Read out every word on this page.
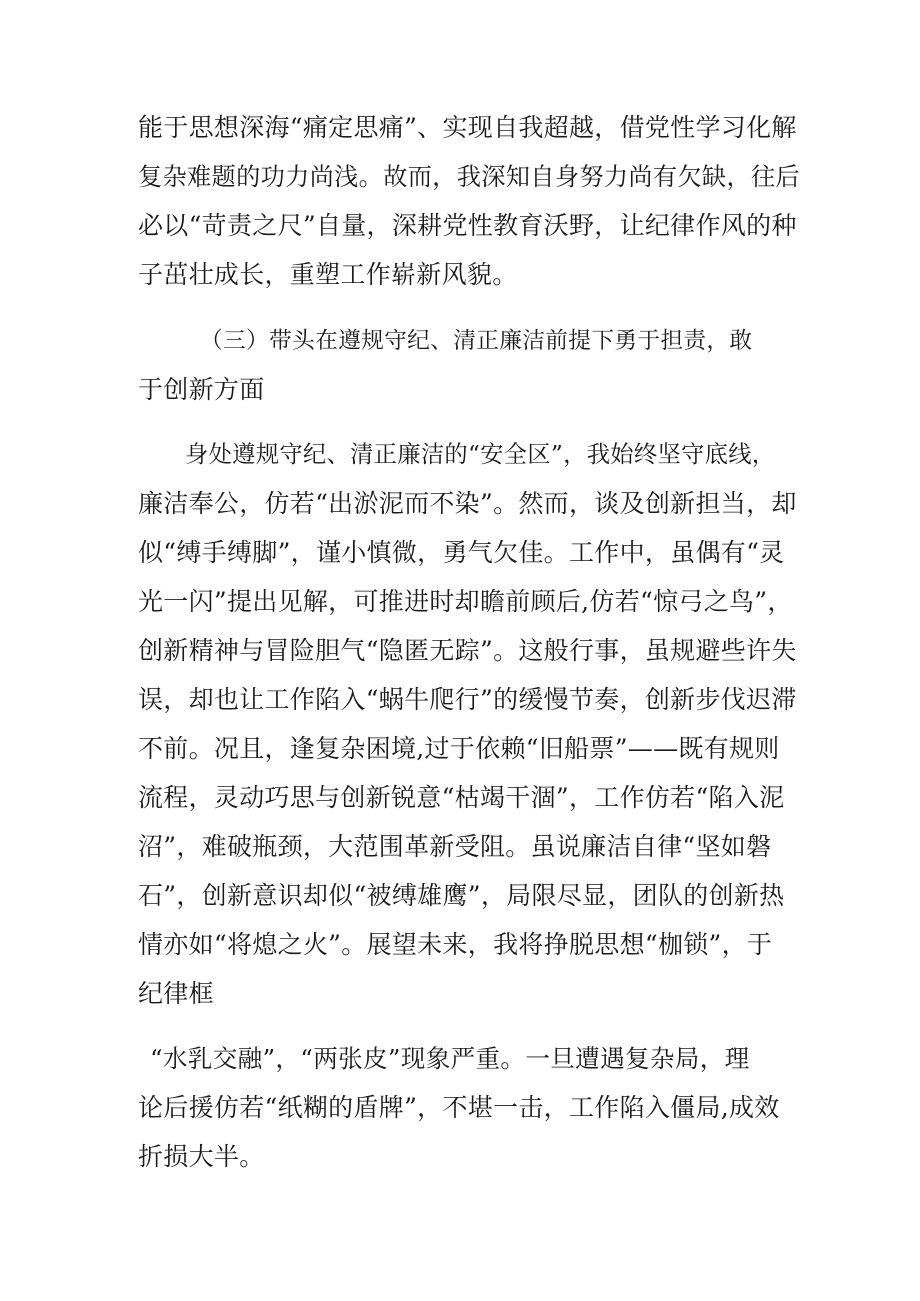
能于思想深海“痛定思痛”、实现自我超越，借党性学习化解
复杂难题的功力尚浅。故而，我深知自身努力尚有欠缺，往后
必以“苛责之尺”自量，深耕党性教育沃野，让纪律作风的种
子茁壮成长，重塑工作崭新风貌。
（三）带头在遵规守纪、清正廉洁前提下勇于担责，敢
于创新方面
身处遵规守纪、清正廉洁的“安全区”，我始终坚守底线，
廉洁奉公，仿若“出淤泥而不染”。然而，谈及创新担当，却
似“缚手缚脚”，谨小慎微，勇气欠佳。工作中，虽偶有“灵
光一闪”提出见解，可推进时却瞻前顾后,仿若“惊弓之鸟”，
创新精神与冒险胆气“隐匿无踪”。这般行事，虽规避些许失
误，却也让工作陷入“蜗牛爬行”的缓慢节奏，创新步伐迟滞
不前。况且，逢复杂困境,过于依赖“旧船票”——既有规则
流程，灵动巧思与创新锐意“枯竭干涸”，工作仿若“陷入泥
沼”，难破瓶颈，大范围革新受阻。虽说廉洁自律“坚如磐
石”，创新意识却似“被缚雄鹰”，局限尽显，团队的创新热
情亦如“将熄之火”。展望未来，我将挣脱思想“枷锁”，于
纪律框
“水乳交融”，“两张皮”现象严重。一旦遭遇复杂局，理
论后援仿若“纸糊的盾牌”，不堪一击，工作陷入僵局,成效
折损大半。
